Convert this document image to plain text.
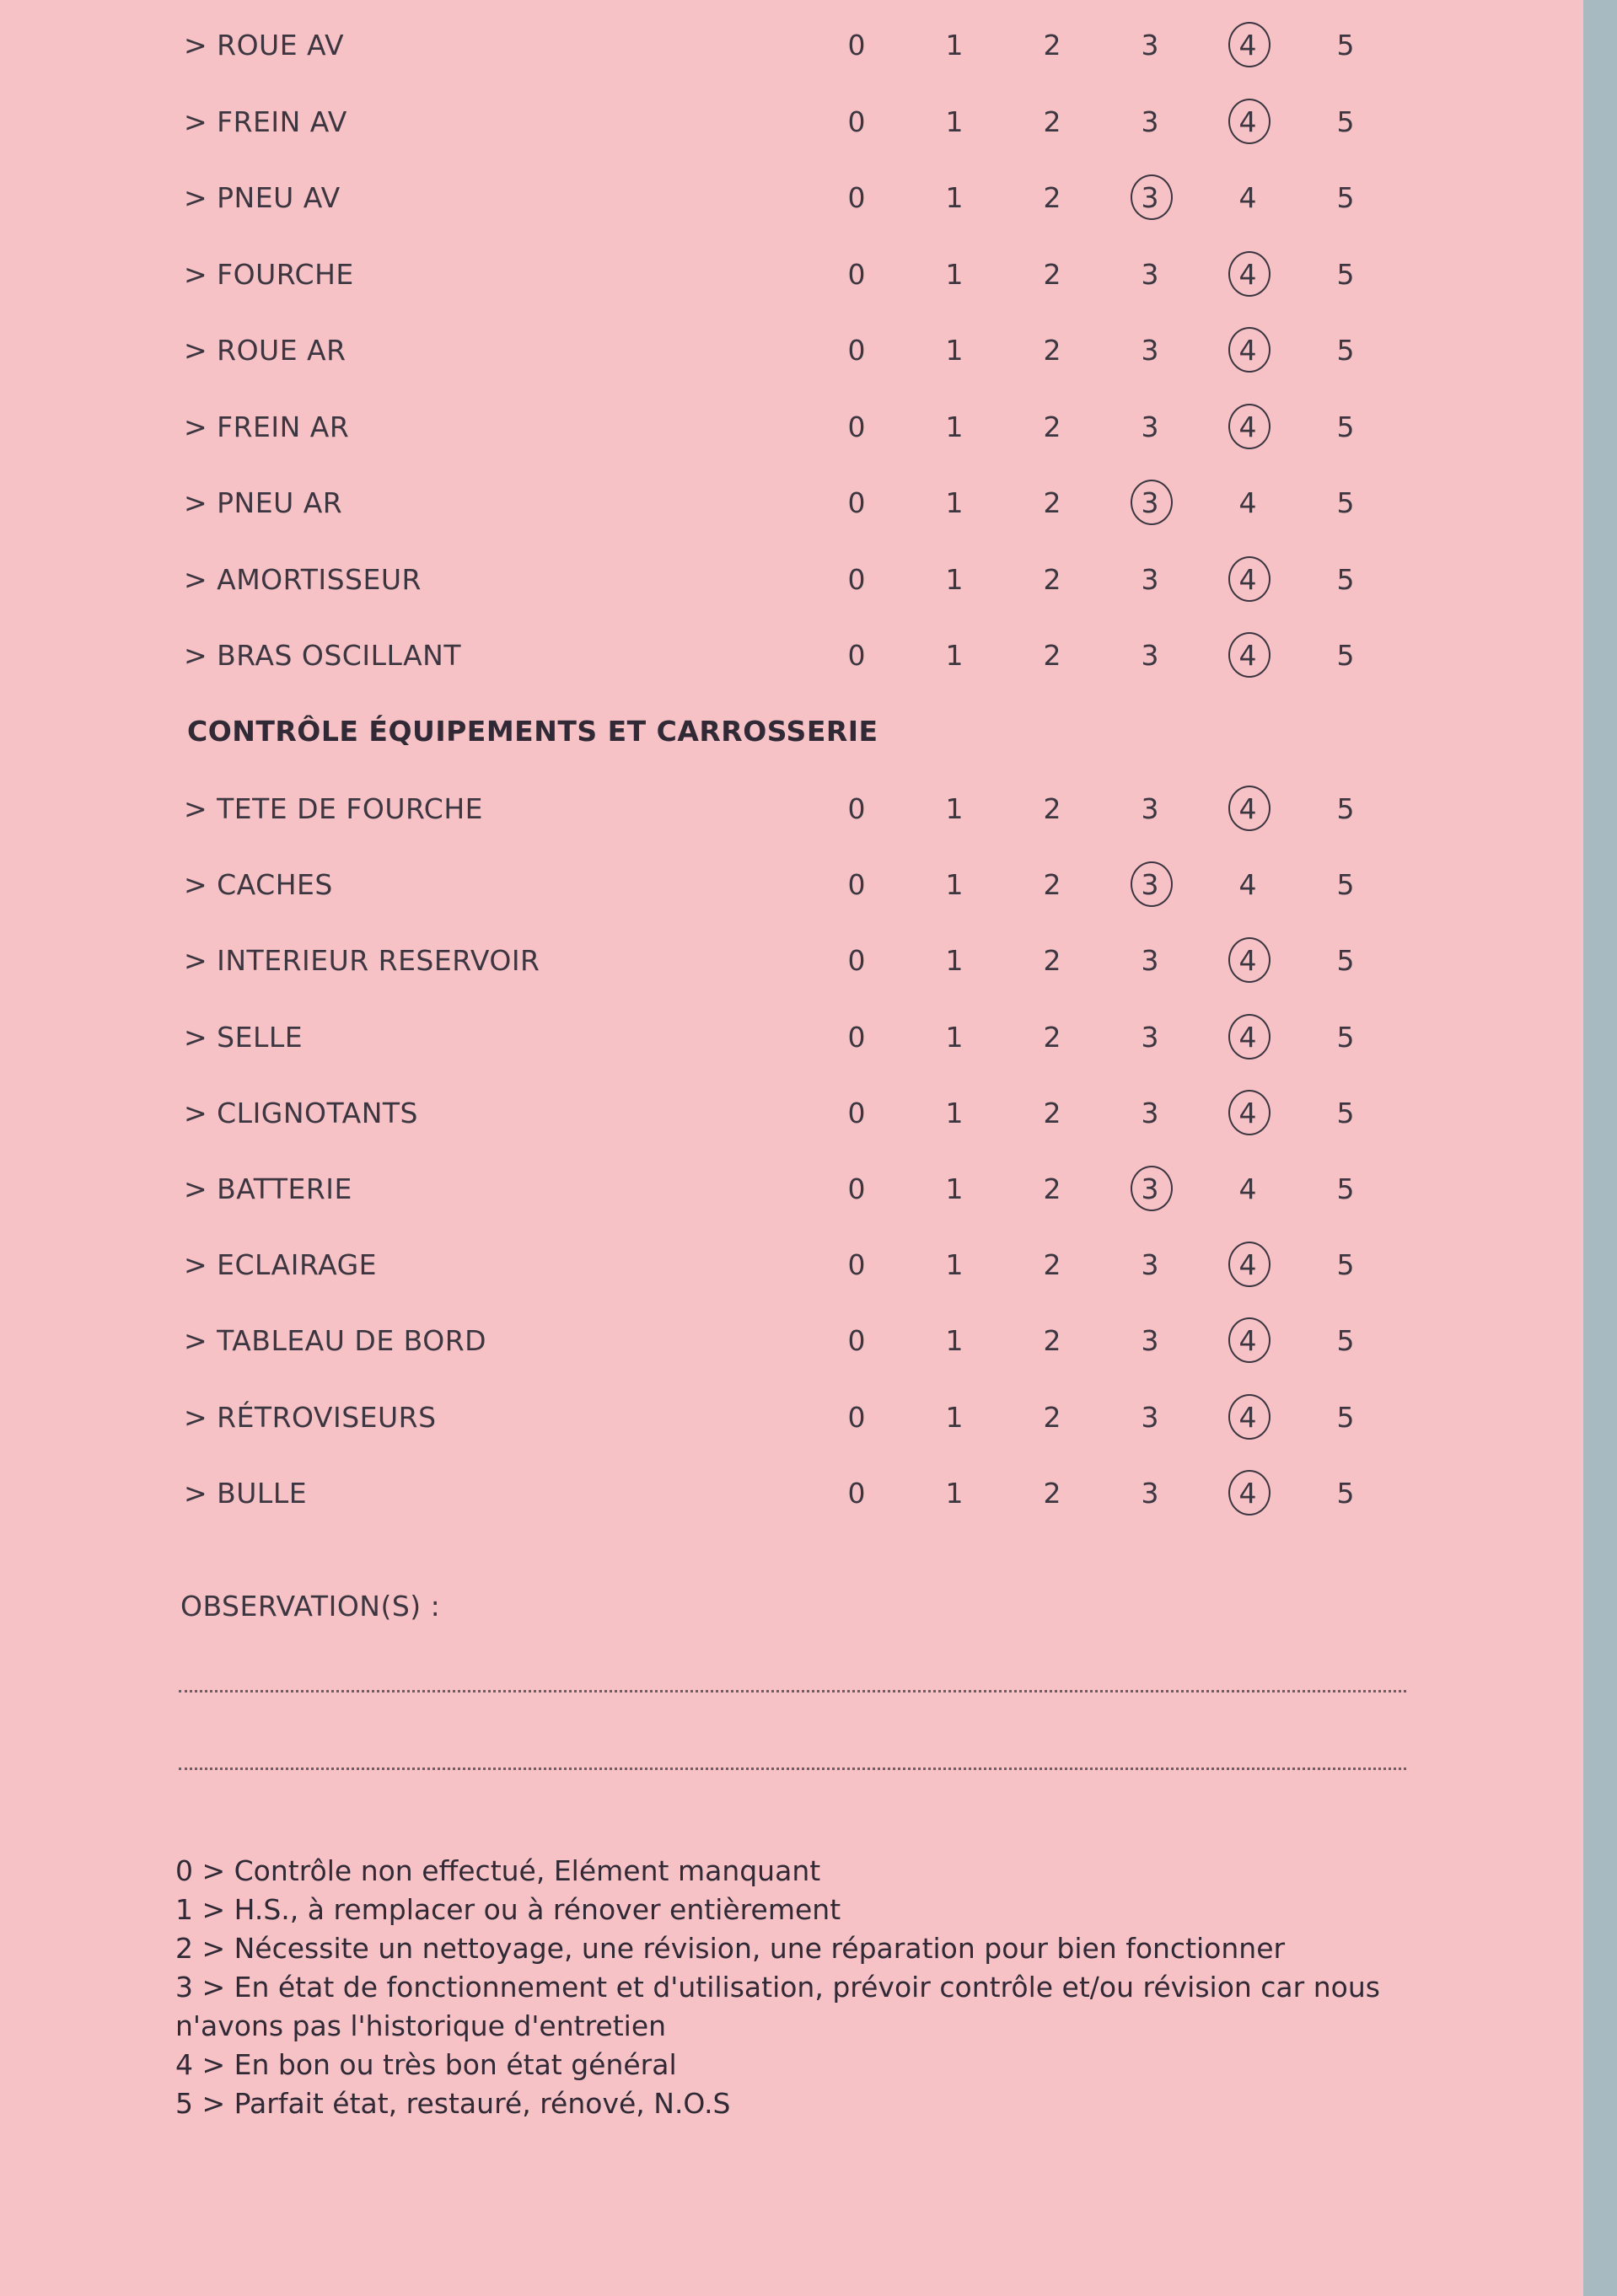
> ROUE AV	0	1	2	3	4	5
> FREIN AV	0	1	2	3	4	5
> PNEU AV	0	1	2	3	4	5
> FOURCHE	0	1	2	3	4	5
> ROUE AR	0	1	2	3	4	5
> FREIN AR	0	1	2	3	4	5
> PNEU AR	0	1	2	3	4	5
> AMORTISSEUR	0	1	2	3	4	5
> BRAS OSCILLANT	0	1	2	3	4	5
> TETE DE FOURCHE	0	1	2	3	4	5
> CACHES	0	1	2	3	4	5
> INTERIEUR RESERVOIR	0	1	2	3	4	5
> SELLE	0	1	2	3	4	5
> CLIGNOTANTS	0	1	2	3	4	5
> BATTERIE	0	1	2	3	4	5
> ECLAIRAGE	0	1	2	3	4	5
> TABLEAU DE BORD	0	1	2	3	4	5
> RÉTROVISEURS	0	1	2	3	4	5
> BULLE	0	1	2	3	4	5
CONTRÔLE ÉQUIPEMENTS ET CARROSSERIE
OBSERVATION(S) :
0 > Contrôle non effectué, Elément manquant
1 > H.S., à remplacer ou à rénover entièrement
2 > Nécessite un nettoyage, une révision, une réparation pour bien fonctionner
3 > En état de fonctionnement et d'utilisation, prévoir contrôle et/ou révision car nous
n'avons pas l'historique d'entretien
4 > En bon ou très bon état général
5 > Parfait état, restauré, rénové, N.O.S
